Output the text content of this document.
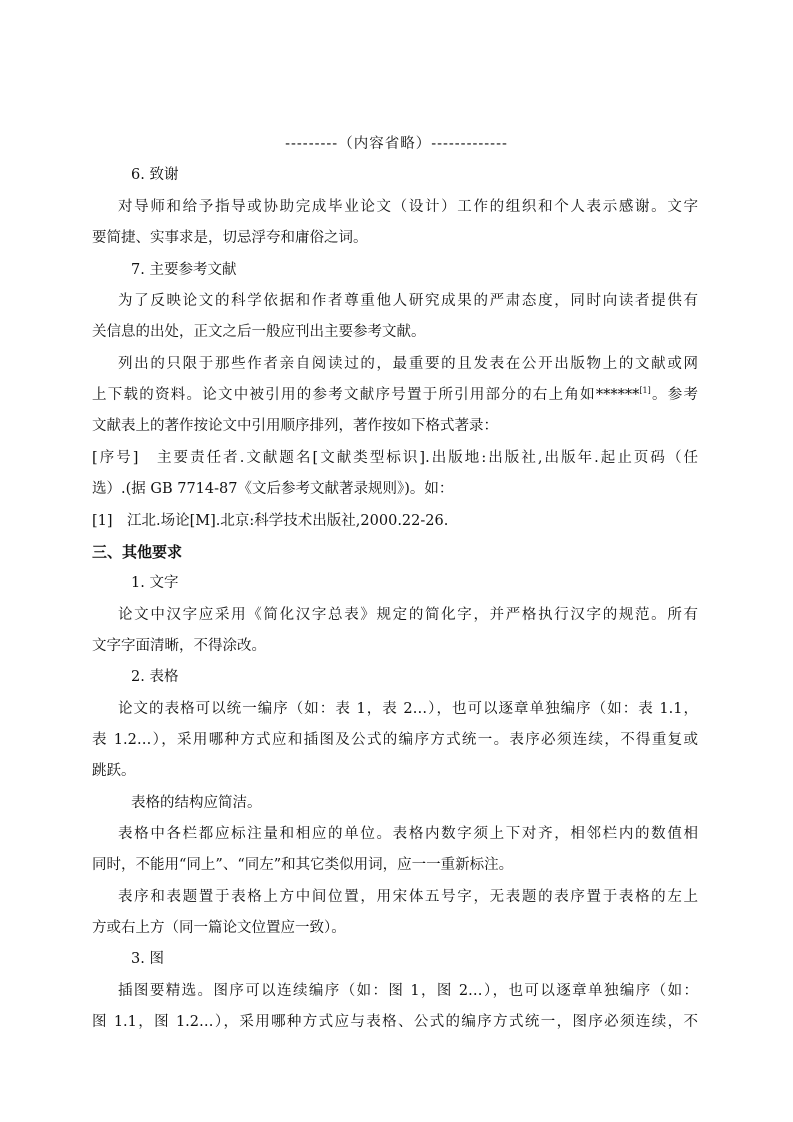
---------（内容省略）-------------
6. 致谢
对导师和给予指导或协助完成毕业论文（设计）工作的组织和个人表示感谢。文字
要简捷、实事求是，切忌浮夸和庸俗之词。
7. 主要参考文献
为了反映论文的科学依据和作者尊重他人研究成果的严肃态度，同时向读者提供有
关信息的出处，正文之后一般应刊出主要参考文献。
列出的只限于那些作者亲自阅读过的，最重要的且发表在公开出版物上的文献或网
上下载的资料。论文中被引用的参考文献序号置于所引用部分的右上角如******[1]。参考
文献表上的著作按论文中引用顺序排列，著作按如下格式著录：
[序号]　主要责任者.文献题名[文献类型标识].出版地:出版社,出版年.起止页码（任
选）.(据 GB 7714-87《文后参考文献著录规则》)。如：
[1]　江北.场论[M].北京:科学技术出版社,2000.22-26.
三、其他要求
1. 文字
论文中汉字应采用《简化汉字总表》规定的简化字，并严格执行汉字的规范。所有
文字字面清晰，不得涂改。
2. 表格
论文的表格可以统一编序（如：表 1，表 2…），也可以逐章单独编序（如：表 1.1，
表 1.2…），采用哪种方式应和插图及公式的编序方式统一。表序必须连续，不得重复或
跳跃。
表格的结构应简洁。
表格中各栏都应标注量和相应的单位。表格内数字须上下对齐，相邻栏内的数值相
同时，不能用“同上”、“同左”和其它类似用词，应一一重新标注。
表序和表题置于表格上方中间位置，用宋体五号字，无表题的表序置于表格的左上
方或右上方（同一篇论文位置应一致）。
3. 图
插图要精选。图序可以连续编序（如：图 1，图 2…），也可以逐章单独编序（如：
图 1.1，图 1.2…），采用哪种方式应与表格、公式的编序方式统一，图序必须连续，不
